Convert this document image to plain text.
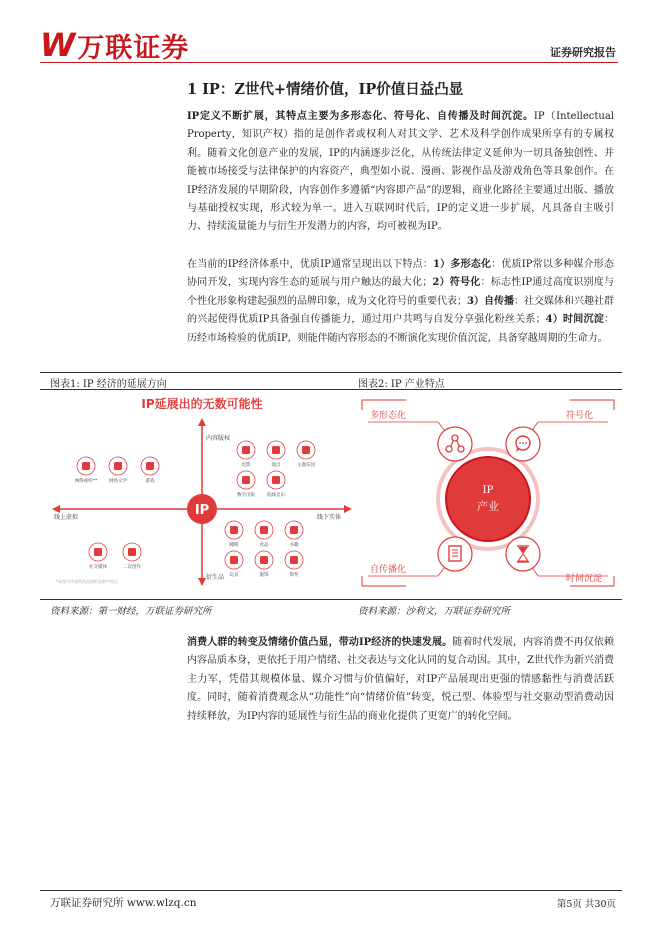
W 万联证券	证券研究报告
1 IP：Z世代+情绪价值，IP价值日益凸显
IP定义不断扩展，其特点主要为多形态化、符号化、自传播及时间沉淀。IP（Intellectual Property，知识产权）指的是创作者或权利人对其文学、艺术及科学创作成果所享有的专属权利。随着文化创意产业的发展，IP的内涵逐步泛化，从传统法律定义延伸为一切具备独创性、并能被市场接受与法律保护的内容资产，典型如小说、漫画、影视作品及游戏角色等具象创作。在IP经济发展的早期阶段，内容创作多遵循“内容即产品”的逻辑，商业化路径主要通过出版、播放与基础授权实现，形式较为单一。进入互联网时代后，IP的定义进一步扩展，凡具备自主吸引力、持续流量能力与衍生开发潜力的内容，均可被视为IP。
在当前的IP经济体系中，优质IP通常呈现出以下特点：1）多形态化：优质IP常以多种媒介形态协同开发，实现内容生态的延展与用户触达的最大化；2）符号化：标志性IP通过高度识别度与个性化形象构建起强烈的品牌印象，成为文化符号的重要代表；3）自传播：社交媒体和兴趣社群的兴起使得优质IP具备强自传播能力，通过用户共鸣与自发分享强化粉丝关系；4）时间沉淀：历经市场检验的优质IP，则能伴随内容形态的不断演化实现价值沉淀，具备穿越周期的生命力。
图表1: IP 经济的延展方向	图表2: IP 产业特点
IP延展出的无数可能性
IP
内容版权
衍生品
线上虚拟	线下实体
网络视听**	网络文学	游戏
电影	演出	主题乐园
数字出版	院线音乐
社交媒体	二次创作
睡眠	食品	书籍
玩具	服饰	饰奖
*本图不代表所列全部形态数字项目
多形态化	符号化
自传播化
时间沉淀
IP
产业
资料来源：第一财经，万联证券研究所	资料来源：沙利文，万联证券研究所
消费人群的转变及情绪价值凸显，带动IP经济的快速发展。随着时代发展，内容消费不再仅依赖内容品质本身，更依托于用户情绪、社交表达与文化认同的复合动因。其中，Z世代作为新兴消费主力军，凭借其规模体量、媒介习惯与价值偏好，对IP产品展现出更强的情感黏性与消费活跃度。同时，随着消费观念从“功能性”向“情绪价值”转变，悦己型、体验型与社交驱动型消费动因持续释放，为IP内容的延展性与衍生品的商业化提供了更宽广的转化空间。
万联证券研究所 www.wlzq.cn	第5页 共30页
